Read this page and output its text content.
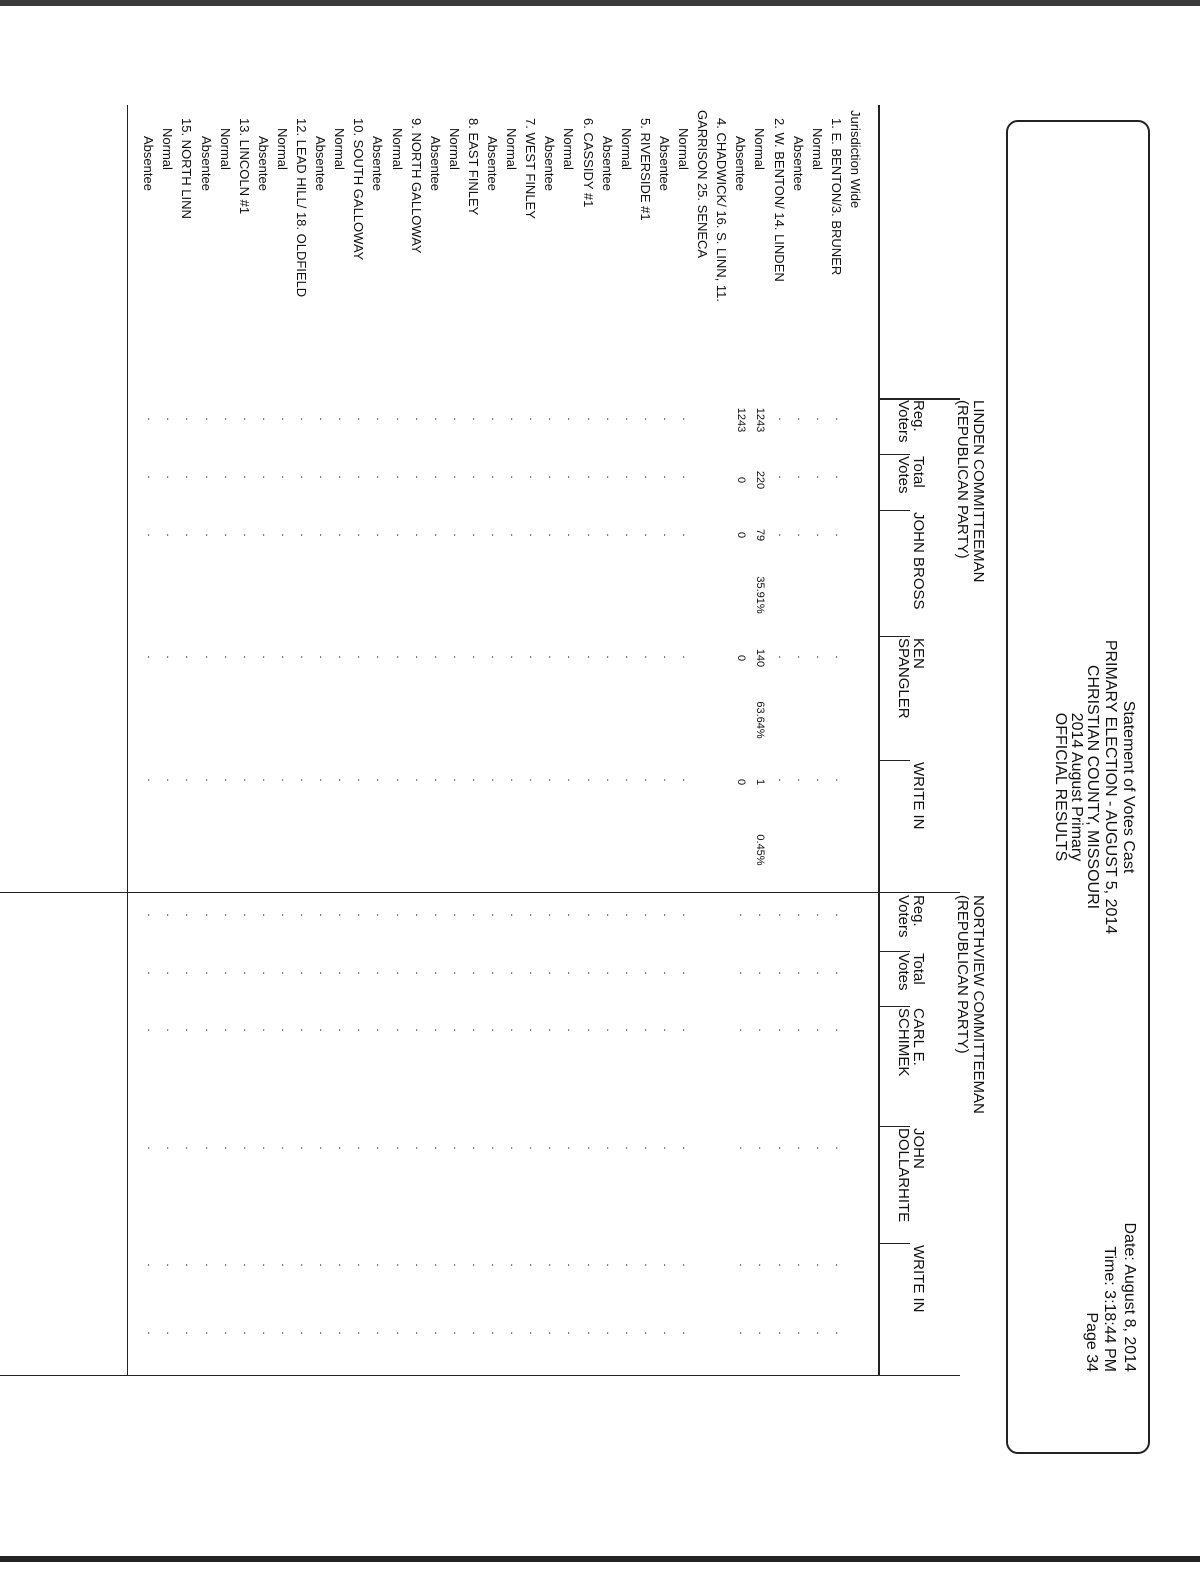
Statement of Votes Cast
PRIMARY ELECTION - AUGUST 5, 2014
CHRISTIAN COUNTY, MISSOURI
2014 August Primary
OFFICIAL RESULTS
Date: August 8, 2014
Time: 3:18:44 PM
Page 34
LINDEN COMMITTEEMAN
(REPUBLICAN PARTY)
NORTHVIEW COMMITTEEMAN
(REPUBLICAN PARTY)
Reg.
Voters
Total
Votes
JOHN BROSS
KEN
SPANGLER
WRITE IN
Reg.
Voters
Total
Votes
CARL E.
SCHIMEK
JOHN
DOLLARHITE
WRITE IN
Jurisdiction Wide
1. E. BENTON/3. BRUNER
.
.
.
.
.
.
.
.
.
.
.
Normal
.
.
.
.
.
.
.
.
.
.
.
Absentee
.
.
.
.
.
.
.
.
.
.
.
2. W. BENTON/ 14. LINDEN
.
.
.
.
.
.
.
.
.
.
.
Normal
.
.
.
.
.
.
Absentee
.
.
.
.
.
.
4. CHADWICK/ 16. S. LINN, 11.
GARRISON 25. SENECA
Normal
.
.
.
.
.
.
.
.
.
.
.
Absentee
.
.
.
.
.
.
.
.
.
.
.
5. RIVERSIDE #1
.
.
.
.
.
.
.
.
.
.
.
Normal
.
.
.
.
.
.
.
.
.
.
.
Absentee
.
.
.
.
.
.
.
.
.
.
.
6. CASSIDY #1
.
.
.
.
.
.
.
.
.
.
.
Normal
.
.
.
.
.
.
.
.
.
.
.
Absentee
.
.
.
.
.
.
.
.
.
.
.
7. WEST FINLEY
.
.
.
.
.
.
.
.
.
.
.
Normal
.
.
.
.
.
.
.
.
.
.
.
Absentee
.
.
.
.
.
.
.
.
.
.
.
8. EAST FINLEY
.
.
.
.
.
.
.
.
.
.
.
Normal
.
.
.
.
.
.
.
.
.
.
.
Absentee
.
.
.
.
.
.
.
.
.
.
.
9. NORTH GALLOWAY
.
.
.
.
.
.
.
.
.
.
.
Normal
.
.
.
.
.
.
.
.
.
.
.
Absentee
.
.
.
.
.
.
.
.
.
.
.
10. SOUTH GALLOWAY
.
.
.
.
.
.
.
.
.
.
.
Normal
.
.
.
.
.
.
.
.
.
.
.
Absentee
.
.
.
.
.
.
.
.
.
.
.
12. LEAD HILL/ 18. OLDFIELD
.
.
.
.
.
.
.
.
.
.
.
Normal
.
.
.
.
.
.
.
.
.
.
.
Absentee
.
.
.
.
.
.
.
.
.
.
.
13. LINCOLN #1
.
.
.
.
.
.
.
.
.
.
.
Normal
.
.
.
.
.
.
.
.
.
.
.
Absentee
.
.
.
.
.
.
.
.
.
.
.
15. NORTH LINN
.
.
.
.
.
.
.
.
.
.
.
Normal
.
.
.
.
.
.
.
.
.
.
.
Absentee
.
.
.
.
.
.
.
.
.
.
.
1243
220
79
35.91%
140
63.64%
1
0.45%
1243
0
0
0
0
